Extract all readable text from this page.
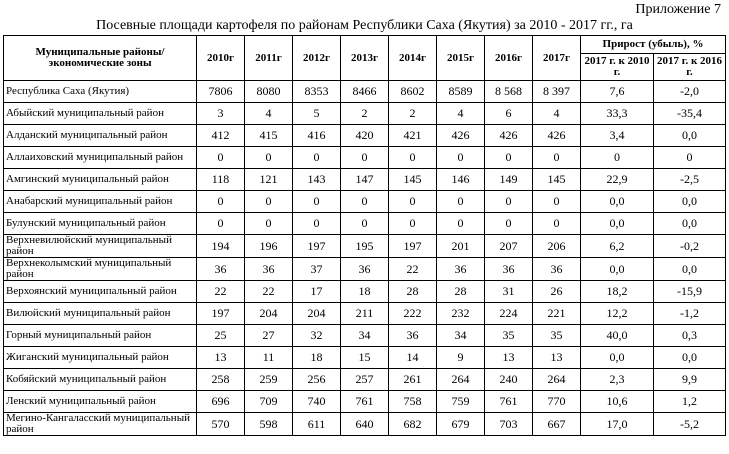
Приложение 7
Посевные площади картофеля по районам Республики Саха (Якутия) за 2010 - 2017 гг., га
Муниципальные районы/экономические зоны	2010г	2011г	2012г	2013г	2014г	2015г	2016г	2017г	Прирост (убыль), %	
									2017 г. к 2010 г.	2017 г. к 2016 г.
Республика Саха (Якутия)	7806	8080	8353	8466	8602	8589	8 568	8 397	7,6	-2,0
Абыйский муниципальный район	3	4	5	2	2	4	6	4	33,3	-35,4
Алданский муниципальный район	412	415	416	420	421	426	426	426	3,4	0,0
Аллаиховский муниципальный район	0	0	0	0	0	0	0	0	0	0
Амгинский муниципальный район	118	121	143	147	145	146	149	145	22,9	-2,5
Анабарский муниципальный район	0	0	0	0	0	0	0	0	0,0	0,0
Булунский муниципальный район	0	0	0	0	0	0	0	0	0,0	0,0
Верхневилюйский муниципальный район	194	196	197	195	197	201	207	206	6,2	-0,2
Верхнеколымский муниципальный район	36	36	37	36	22	36	36	36	0,0	0,0
Верхоянский муниципальный район	22	22	17	18	28	28	31	26	18,2	-15,9
Вилюйский муниципальный район	197	204	204	211	222	232	224	221	12,2	-1,2
Горный муниципальный район	25	27	32	34	36	34	35	35	40,0	0,3
Жиганский муниципальный район	13	11	18	15	14	9	13	13	0,0	0,0
Кобяйский муниципальный район	258	259	256	257	261	264	240	264	2,3	9,9
Ленский муниципальный район	696	709	740	761	758	759	761	770	10,6	1,2
Мегино-Кангаласский муниципальный район	570	598	611	640	682	679	703	667	17,0	-5,2
